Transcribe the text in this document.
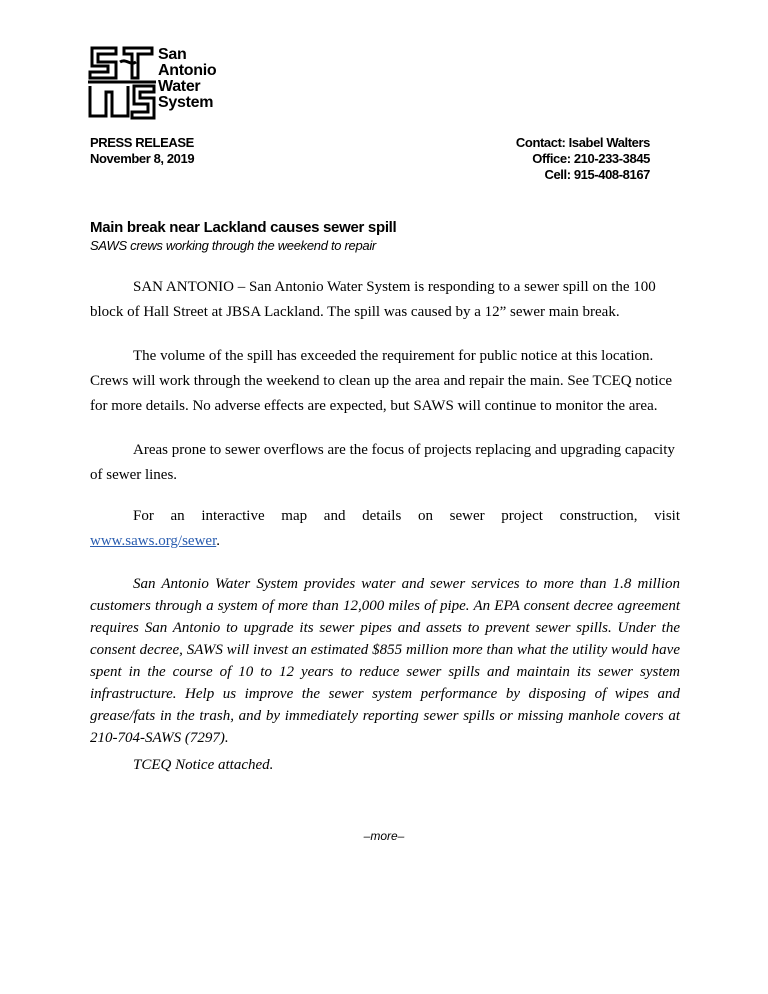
San
Antonio
Water
System
PRESS RELEASE
November 8, 2019
Contact: Isabel Walters
Office: 210-233-3845
Cell: 915-408-8167
Main break near Lackland causes sewer spill
SAWS crews working through the weekend to repair

SAN ANTONIO – San Antonio Water System is responding to a sewer spill on the 100 block of Hall Street at JBSA Lackland. The spill was caused by a 12” sewer main break.

The volume of the spill has exceeded the requirement for public notice at this location. Crews will work through the weekend to clean up the area and repair the main. See TCEQ notice for more details. No adverse effects are expected, but SAWS will continue to monitor the area.

Areas prone to sewer overflows are the focus of projects replacing and upgrading capacity of sewer lines.

For an interactive map and details on sewer project construction, visit

www.saws.org/sewer.

San Antonio Water System provides water and sewer services to more than 1.8 million customers through a system of more than 12,000 miles of pipe. An EPA consent decree agreement requires San Antonio to upgrade its sewer pipes and assets to prevent sewer spills. Under the consent decree, SAWS will invest an estimated $855 million more than what the utility would have spent in the course of 10 to 12 years to reduce sewer spills and maintain its sewer system infrastructure. Help us improve the sewer system performance by disposing of wipes and grease/fats in the trash, and by immediately reporting sewer spills or missing manhole covers at 210-704-SAWS (7297).

TCEQ Notice attached.

–more–
